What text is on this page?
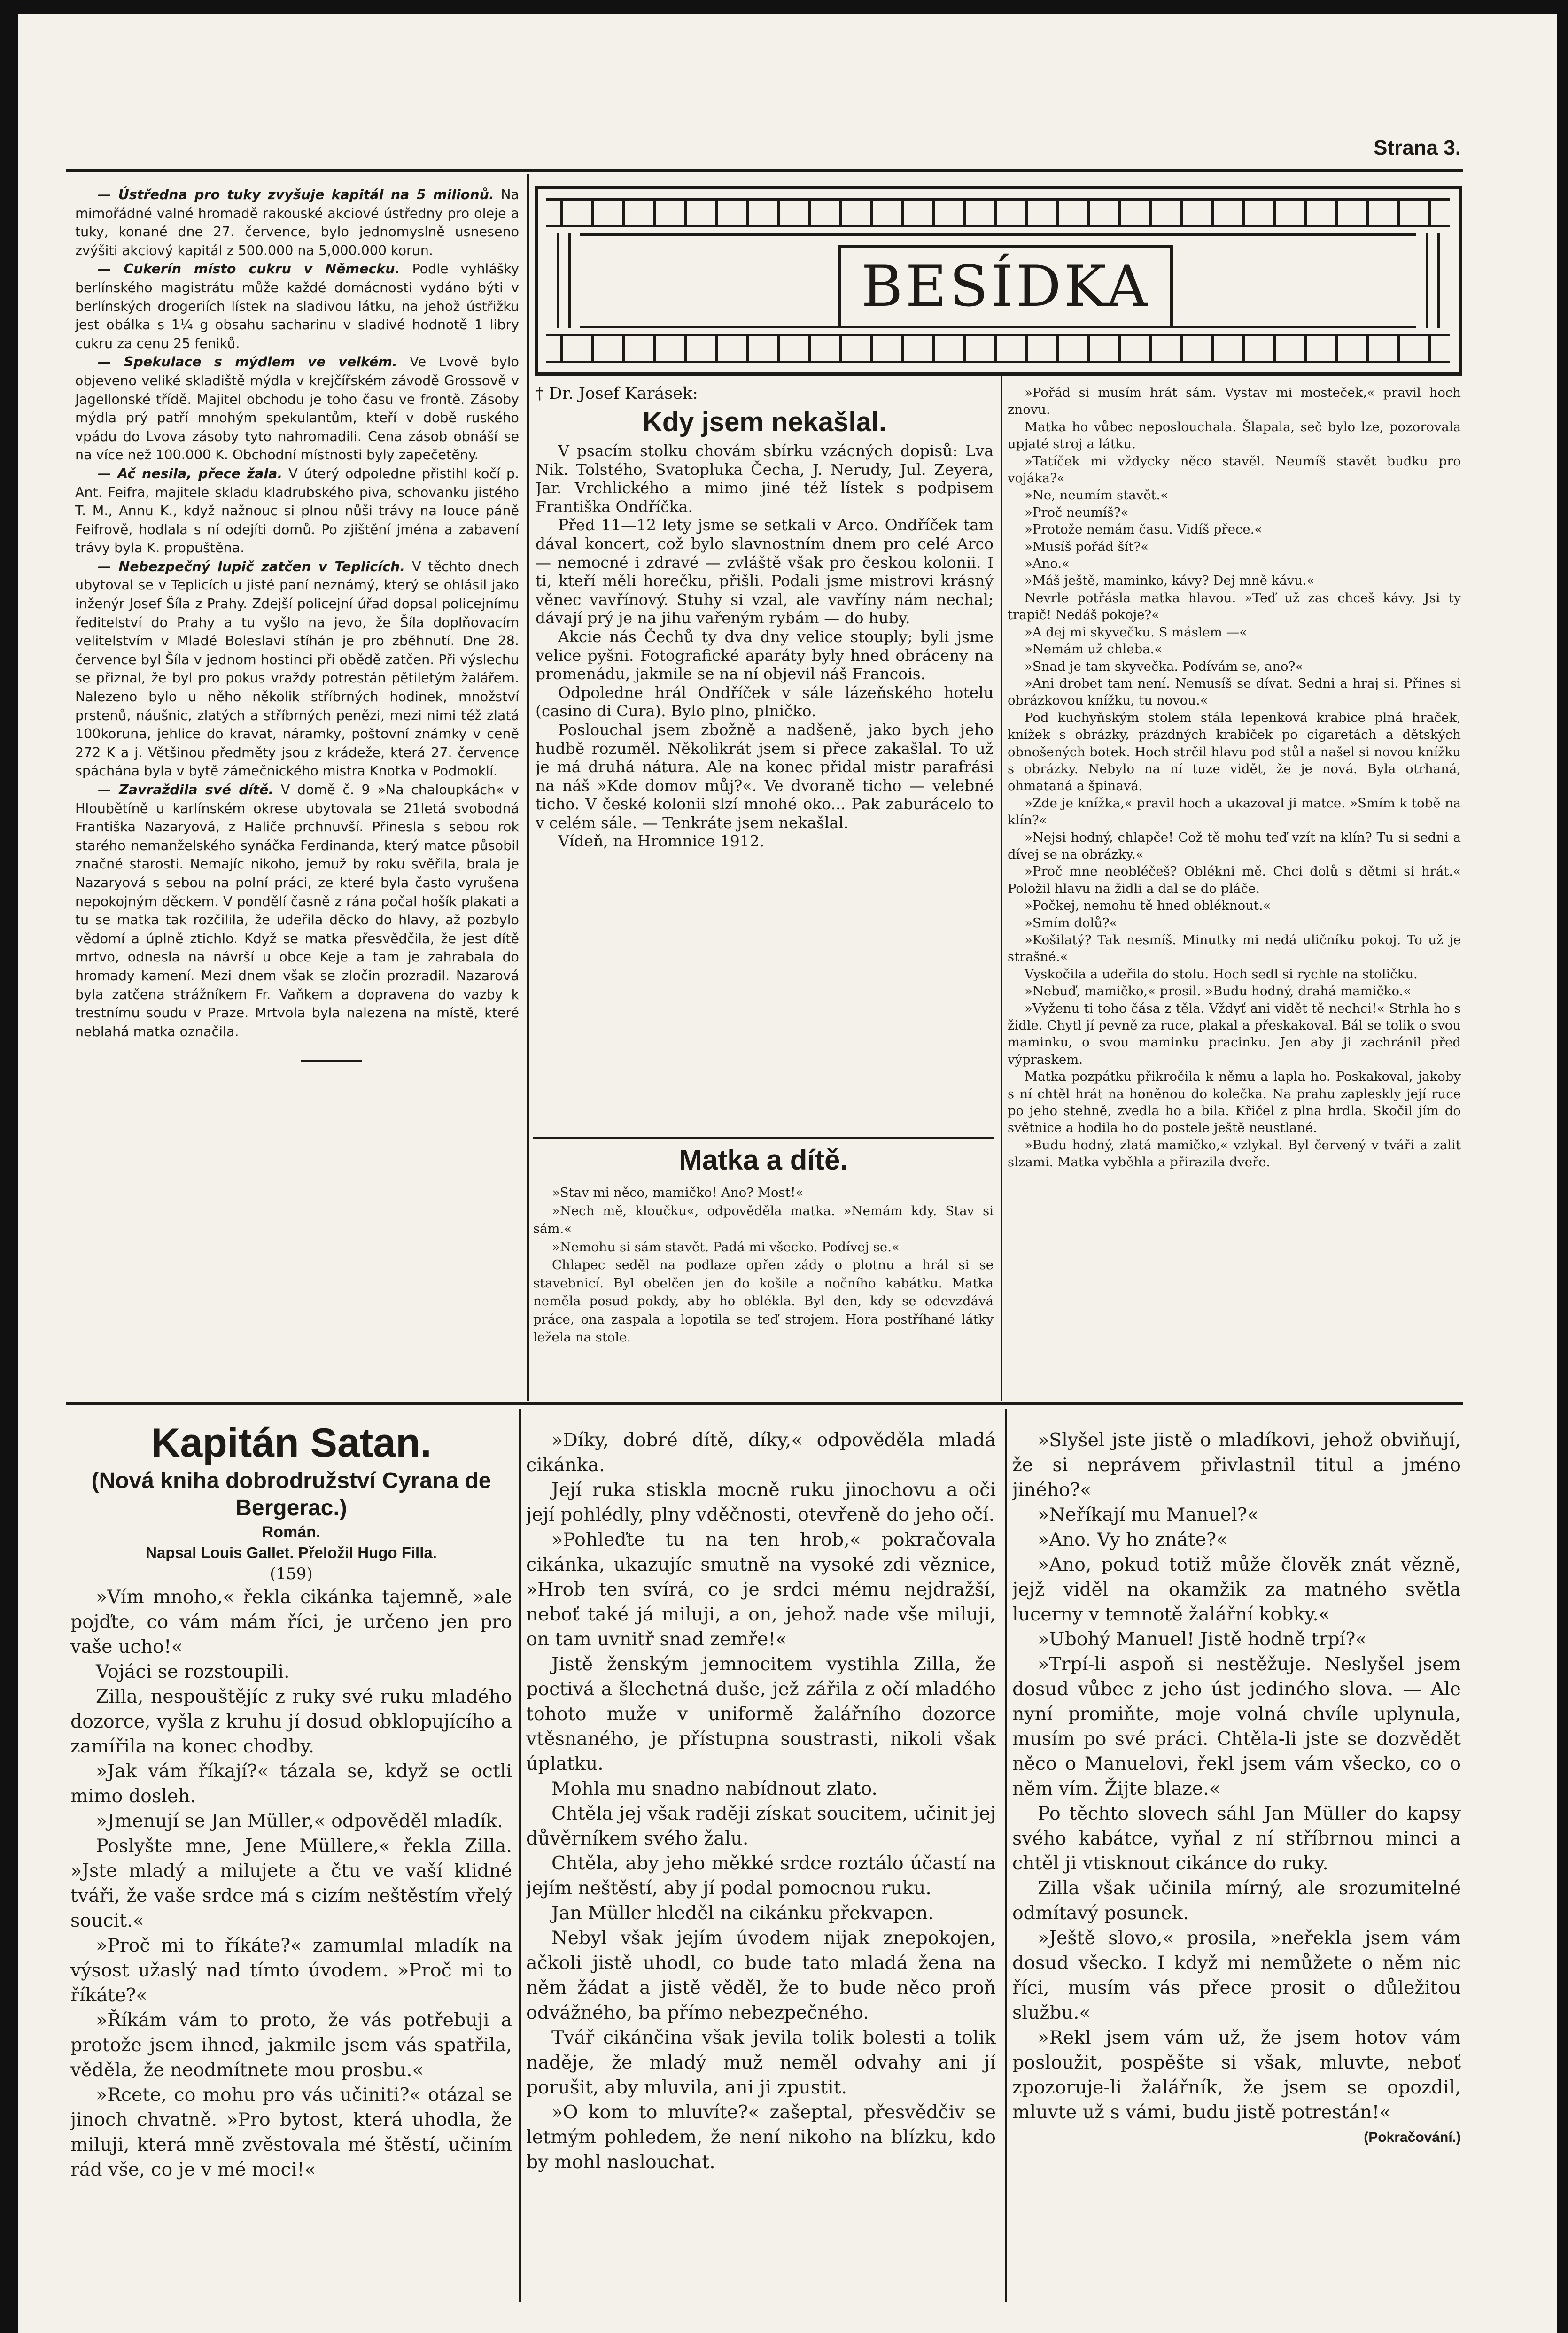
Strana 3.

— Ústředna pro tuky zvyšuje kapitál na 5 milionů. Na mimořádné valné hromadě rakouské akciové ústředny pro oleje a tuky, konané dne 27. července, bylo jednomyslně usneseno zvýšiti akciový kapitál z 500.000 na 5,000.000 korun.

— Cukerín místo cukru v Německu. Podle vyhlášky berlínského magistrátu může každé domácnosti vydáno býti v berlínských drogeriích lístek na sladivou látku, na jehož ústřižku jest obálka s 1¼ g obsahu sacharinu v sladivé hodnotě 1 libry cukru za cenu 25 feniků.

— Spekulace s mýdlem ve velkém. Ve Lvově bylo objeveno veliké skladiště mýdla v krejčířském závodě Grossově v Jagellonské třídě. Majitel obchodu je toho času ve frontě. Zásoby mýdla prý patří mnohým spekulantům, kteří v době ruského vpádu do Lvova zásoby tyto nahromadili. Cena zásob obnáší se na více než 100.000 K. Obchodní místnosti byly zapečetěny.

— Ač nesila, přece žala. V úterý odpoledne přistihl kočí p. Ant. Feifra, majitele skladu kladrubského piva, schovanku jistého T. M., Annu K., když nažnouc si plnou nůši trávy na louce páně Feifrově, hodlala s ní odejíti domů. Po zjištění jména a zabavení trávy byla K. propuštěna.

— Nebezpečný lupič zatčen v Teplicích. V těchto dnech ubytoval se v Teplicích u jisté paní neznámý, který se ohlásil jako inženýr Josef Šíla z Prahy. Zdejší policejní úřad dopsal policejnímu ředitelství do Prahy a tu vyšlo na jevo, že Šíla doplňovacím velitelstvím v Mladé Boleslavi stíhán je pro zběhnutí. Dne 28. července byl Šíla v jednom hostinci při obědě zatčen. Při výslechu se přiznal, že byl pro pokus vraždy potrestán pětiletým žalářem. Nalezeno bylo u něho několik stříbrných hodinek, množství prstenů, náušnic, zlatých a stříbrných penězi, mezi nimi též zlatá 100koruna, jehlice do kravat, náramky, poštovní známky v ceně 272 K a j. Většinou předměty jsou z krádeže, která 27. července spáchána byla v bytě zámečnického mistra Knotka v Podmoklí.

— Zavraždila své dítě. V domě č. 9 »Na chaloupkách« v Hloubětíně u karlínském okrese ubytovala se 21letá svobodná Františka Nazaryová, z Haliče prchnuvší. Přinesla s sebou rok starého nemanželského synáčka Ferdinanda, který matce působil značné starosti. Nemajíc nikoho, jemuž by roku svěřila, brala je Nazaryová s sebou na polní práci, ze které byla často vyrušena nepokojným děckem. V pondělí časně z rána počal hošík plakati a tu se matka tak rozčilila, že udeřila děcko do hlavy, až pozbylo vědomí a úplně ztichlo. Když se matka přesvědčila, že jest dítě mrtvo, odnesla na návrší u obce Keje a tam je zahrabala do hromady kamení. Mezi dnem však se zločin prozradil. Nazarová byla zatčena strážníkem Fr. Vaňkem a dopravena do vazby k trestnímu soudu v Praze. Mrtvola byla nalezena na místě, které neblahá matka označila.

BESÍDKA
† Dr. Josef Karásek:
Kdy jsem nekašlal.

V psacím stolku chovám sbírku vzácných dopisů: Lva Nik. Tolstého, Svatopluka Čecha, J. Nerudy, Jul. Zeyera, Jar. Vrchlického a mimo jiné též lístek s podpisem Františka Ondříčka.

Před 11—12 lety jsme se setkali v Arco. Ondříček tam dával koncert, což bylo slavnostním dnem pro celé Arco — nemocné i zdravé — zvláště však pro českou kolonii. I ti, kteří měli horečku, přišli. Podali jsme mistrovi krásný věnec vavřínový. Stuhy si vzal, ale vavříny nám nechal; dávají prý je na jihu vařeným rybám — do huby.

Akcie nás Čechů ty dva dny velice stouply; byli jsme velice pyšni. Fotografické aparáty byly hned obráceny na promenádu, jakmile se na ní objevil náš Francois.

Odpoledne hrál Ondříček v sále lázeňského hotelu (casino di Cura). Bylo plno, plničko.

Poslouchal jsem zbožně a nadšeně, jako bych jeho hudbě rozuměl. Několikrát jsem si přece zakašlal. To už je má druhá nátura. Ale na konec přidal mistr parafrási na náš »Kde domov můj?«. Ve dvoraně ticho — velebné ticho. V české kolonii slzí mnohé oko... Pak zaburácelo to v celém sále. — Tenkráte jsem nekašlal.

Vídeň, na Hromnice 1912.

Matka a dítě.

»Stav mi něco, mamičko! Ano? Most!«

»Nech mě, kloučku«, odpověděla matka. »Nemám kdy. Stav si sám.«

»Nemohu si sám stavět. Padá mi všecko. Podívej se.«

Chlapec seděl na podlaze opřen zády o plotnu a hrál si se stavebnicí. Byl obelčen jen do košile a nočního kabátku. Matka neměla posud pokdy, aby ho oblékla. Byl den, kdy se odevzdává práce, ona zaspala a lopotila se teď strojem. Hora postříhané látky ležela na stole.

»Pořád si musím hrát sám. Vystav mi mosteček,« pravil hoch znovu.

Matka ho vůbec neposlouchala. Šlapala, seč bylo lze, pozorovala upjaté stroj a látku.

»Tatíček mi vždycky něco stavěl. Neumíš stavět budku pro vojáka?«

»Ne, neumím stavět.«

»Proč neumíš?«

»Protože nemám času. Vidíš přece.«

»Musíš pořád šít?«

»Ano.«

»Máš ještě, maminko, kávy? Dej mně kávu.«

Nevrle potřásla matka hlavou. »Teď už zas chceš kávy. Jsi ty trapič! Nedáš pokoje?«

»A dej mi skyvečku. S máslem —«

»Nemám už chleba.«

»Snad je tam skyvečka. Podívám se, ano?«

»Ani drobet tam není. Nemusíš se dívat. Sedni a hraj si. Přines si obrázkovou knížku, tu novou.«

Pod kuchyňským stolem stála lepenková krabice plná hraček, knížek s obrázky, prázdných krabiček po cigaretách a dětských obnošených botek. Hoch strčil hlavu pod stůl a našel si novou knížku s obrázky. Nebylo na ní tuze vidět, že je nová. Byla otrhaná, ohmataná a špinavá.

»Zde je knížka,« pravil hoch a ukazoval ji matce. »Smím k tobě na klín?«

»Nejsi hodný, chlapče! Což tě mohu teď vzít na klín? Tu si sedni a dívej se na obrázky.«

»Proč mne neobléčeš? Oblékni mě. Chci dolů s dětmi si hrát.« Položil hlavu na židli a dal se do pláče.

»Počkej, nemohu tě hned obléknout.«

»Smím dolů?«

»Košilatý? Tak nesmíš. Minutky mi nedá uličníku pokoj. To už je strašné.«

Vyskočila a udeřila do stolu. Hoch sedl si rychle na stoličku.

»Nebuď, mamičko,« prosil. »Budu hodný, drahá mamičko.«

»Vyženu ti toho čása z těla. Vždyť ani vidět tě nechci!« Strhla ho s židle. Chytl jí pevně za ruce, plakal a přeskakoval. Bál se tolik o svou maminku, o svou maminku pracinku. Jen aby ji zachránil před výpraskem.

Matka pozpátku přikročila k němu a lapla ho. Poskakoval, jakoby s ní chtěl hrát na honěnou do kolečka. Na prahu zapleskly její ruce po jeho stehně, zvedla ho a bila. Křičel z plna hrdla. Skočil jím do světnice a hodila ho do postele ještě neustlané.

»Budu hodný, zlatá mamičko,« vzlykal. Byl červený v tváři a zalit slzami. Matka vyběhla a přirazila dveře.

Kapitán Satan.
(Nová kniha dobrodružství Cyrana de Bergerac.)
Román.
Napsal Louis Gallet. Přeložil Hugo Filla.
(159)

»Vím mnoho,« řekla cikánka tajemně, »ale pojďte, co vám mám říci, je určeno jen pro vaše ucho!«

Vojáci se rozstoupili.

Zilla, nespouštějíc z ruky své ruku mladého dozorce, vyšla z kruhu jí dosud obklopujícího a zamířila na konec chodby.

»Jak vám říkají?« tázala se, když se octli mimo dosleh.

»Jmenují se Jan Müller,« odpověděl mladík.

Poslyšte mne, Jene Müllere,« řekla Zilla. »Jste mladý a milujete a čtu ve vaší klidné tváři, že vaše srdce má s cizím neštěstím vřelý soucit.«

»Proč mi to říkáte?« zamumlal mladík na výsost užaslý nad tímto úvodem. »Proč mi to říkáte?«

»Říkám vám to proto, že vás potřebuji a protože jsem ihned, jakmile jsem vás spatřila, věděla, že neodmítnete mou prosbu.«

»Rcete, co mohu pro vás učiniti?« otázal se jinoch chvatně. »Pro bytost, která uhodla, že miluji, která mně zvěstovala mé štěstí, učiním rád vše, co je v mé moci!«

»Díky, dobré dítě, díky,« odpověděla mladá cikánka.

Její ruka stiskla mocně ruku jinochovu a oči její pohlédly, plny vděčnosti, otevřeně do jeho očí.

»Pohleďte tu na ten hrob,« pokračovala cikánka, ukazujíc smutně na vysoké zdi věznice, »Hrob ten svírá, co je srdci mému nejdražší, neboť také já miluji, a on, jehož nade vše miluji, on tam uvnitř snad zemře!«

Jistě ženským jemnocitem vystihla Zilla, že poctivá a šlechetná duše, jež zářila z očí mladého tohoto muže v uniformě žalářního dozorce vtěsnaného, je přístupna soustrasti, nikoli však úplatku.

Mohla mu snadno nabídnout zlato.

Chtěla jej však raději získat soucitem, učinit jej důvěrníkem svého žalu.

Chtěla, aby jeho měkké srdce roztálo účastí na jejím neštěstí, aby jí podal pomocnou ruku.

Jan Müller hleděl na cikánku překvapen.

Nebyl však jejím úvodem nijak znepokojen, ačkoli jistě uhodl, co bude tato mladá žena na něm žádat a jistě věděl, že to bude něco proň odvážného, ba přímo nebezpečného.

Tvář cikánčina však jevila tolik bolesti a tolik naděje, že mladý muž neměl odvahy ani jí porušit, aby mluvila, ani ji zpustit.

»O kom to mluvíte?« zašeptal, přesvědčiv se letmým pohledem, že není nikoho na blízku, kdo by mohl naslouchat.

»Slyšel jste jistě o mladíkovi, jehož obviňují, že si neprávem přivlastnil titul a jméno jiného?«

»Neříkají mu Manuel?«

»Ano. Vy ho znáte?«

»Ano, pokud totiž může člověk znát vězně, jejž viděl na okamžik za matného světla lucerny v temnotě žalářní kobky.«

»Ubohý Manuel! Jistě hodně trpí?«

»Trpí-li aspoň si nestěžuje. Neslyšel jsem dosud vůbec z jeho úst jediného slova. — Ale nyní promiňte, moje volná chvíle uplynula, musím po své práci. Chtěla-li jste se dozvědět něco o Manuelovi, řekl jsem vám všecko, co o něm vím. Žijte blaze.«

Po těchto slovech sáhl Jan Müller do kapsy svého kabátce, vyňal z ní stříbrnou minci a chtěl ji vtisknout cikánce do ruky.

Zilla však učinila mírný, ale srozumitelné odmítavý posunek.

»Ještě slovo,« prosila, »neřekla jsem vám dosud všecko. I když mi nemůžete o něm nic říci, musím vás přece prosit o důležitou službu.«

»Rekl jsem vám už, že jsem hotov vám posloužit, pospěšte si však, mluvte, neboť zpozoruje-li žalářník, že jsem se opozdil, mluvte už s vámi, budu jistě potrestán!«

(Pokračování.)
